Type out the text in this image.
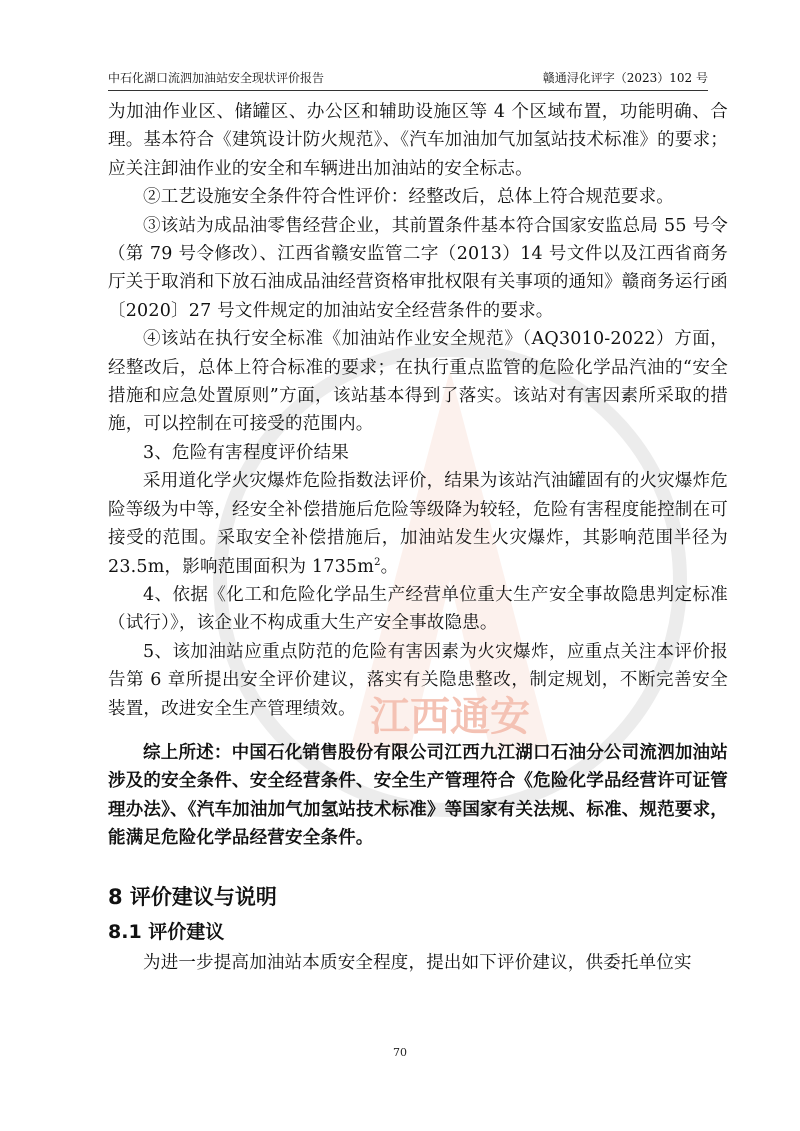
中石化湖口流泗加油站安全现状评价报告	赣通浔化评字（2023）102 号
江西通安

为加油作业区、储罐区、办公区和辅助设施区等 4 个区域布置，功能明确、合理。基本符合《建筑设计防火规范》、《汽车加油加气加氢站技术标准》的要求；应关注卸油作业的安全和车辆进出加油站的安全标志。

②工艺设施安全条件符合性评价：经整改后，总体上符合规范要求。

③该站为成品油零售经营企业，其前置条件基本符合国家安监总局 55 号令（第 79 号令修改）、江西省赣安监管二字（2013）14 号文件以及江西省商务厅关于取消和下放石油成品油经营资格审批权限有关事项的通知》赣商务运行函〔2020〕27 号文件规定的加油站安全经营条件的要求。

④该站在执行安全标准《加油站作业安全规范》（AQ3010-2022）方面，经整改后，总体上符合标准的要求；在执行重点监管的危险化学品汽油的“安全措施和应急处置原则”方面，该站基本得到了落实。该站对有害因素所采取的措施，可以控制在可接受的范围内。

3、危险有害程度评价结果

采用道化学火灾爆炸危险指数法评价，结果为该站汽油罐固有的火灾爆炸危险等级为中等，经安全补偿措施后危险等级降为较轻，危险有害程度能控制在可接受的范围。采取安全补偿措施后，加油站发生火灾爆炸，其影响范围半径为 23.5m，影响范围面积为 $1735m^2$。

4、依据《化工和危险化学品生产经营单位重大生产安全事故隐患判定标准（试行）》，该企业不构成重大生产安全事故隐患。

5、该加油站应重点防范的危险有害因素为火灾爆炸，应重点关注本评价报告第 6 章所提出安全评价建议，落实有关隐患整改，制定规划，不断完善安全装置，改进安全生产管理绩效。

综上所述：中国石化销售股份有限公司江西九江湖口石油分公司流泗加油站涉及的安全条件、安全经营条件、安全生产管理符合《危险化学品经营许可证管理办法》、《汽车加油加气加氢站技术标准》等国家有关法规、标准、规范要求，能满足危险化学品经营安全条件。

8 评价建议与说明
8.1 评价建议

为进一步提高加油站本质安全程度，提出如下评价建议，供委托单位实

70
